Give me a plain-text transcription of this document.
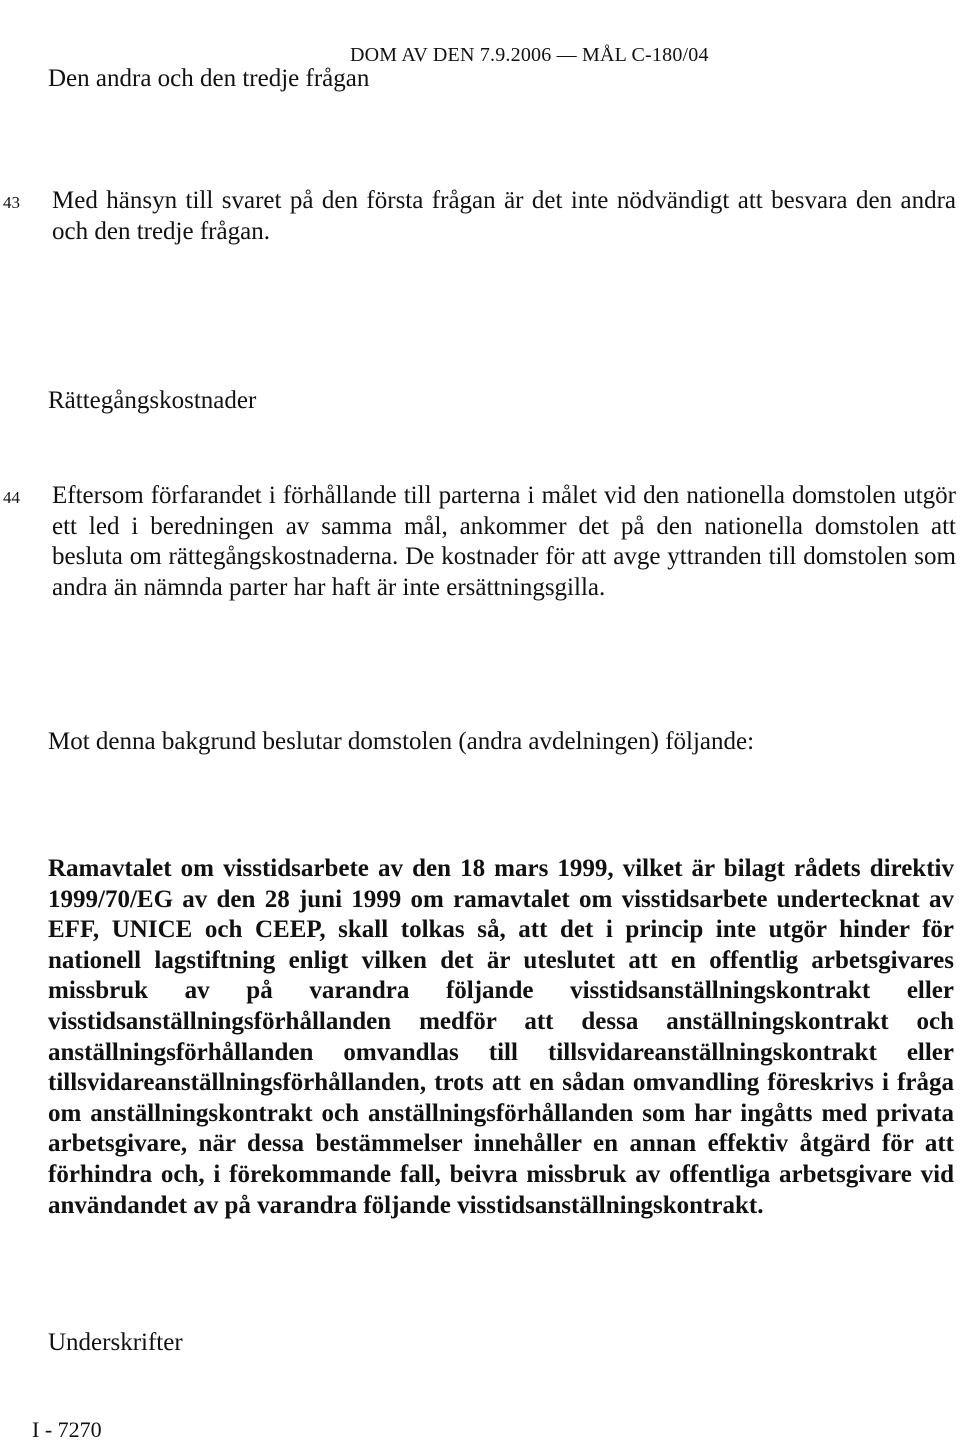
DOM AV DEN 7.9.2006 — MÅL C-180/04
Den andra och den tredje frågan
43 Med hänsyn till svaret på den första frågan är det inte nödvändigt att besvara den andra och den tredje frågan.
Rättegångskostnader
44 Eftersom förfarandet i förhållande till parterna i målet vid den nationella domstolen utgör ett led i beredningen av samma mål, ankommer det på den nationella domstolen att besluta om rättegångskostnaderna. De kostnader för att avge yttranden till domstolen som andra än nämnda parter har haft är inte ersättningsgilla.
Mot denna bakgrund beslutar domstolen (andra avdelningen) följande:
Ramavtalet om visstidsarbete av den 18 mars 1999, vilket är bilagt rådets direktiv 1999/70/EG av den 28 juni 1999 om ramavtalet om visstidsarbete undertecknat av EFF, UNICE och CEEP, skall tolkas så, att det i princip inte utgör hinder för nationell lagstiftning enligt vilken det är uteslutet att en offentlig arbetsgivares missbruk av på varandra följande visstidsanställningskontrakt eller visstidsanställningsförhållanden medför att dessa anställningskontrakt och anställningsförhållanden omvandlas till tillsvidareanställningskontrakt eller tillsvidareanställningsförhållanden, trots att en sådan omvandling föreskrivs i fråga om anställningskontrakt och anställningsförhållanden som har ingåtts med privata arbetsgivare, när dessa bestämmelser innehåller en annan effektiv åtgärd för att förhindra och, i förekommande fall, beivra missbruk av offentliga arbetsgivare vid användandet av på varandra följande visstidsanställningskontrakt.
Underskrifter
I - 7270
